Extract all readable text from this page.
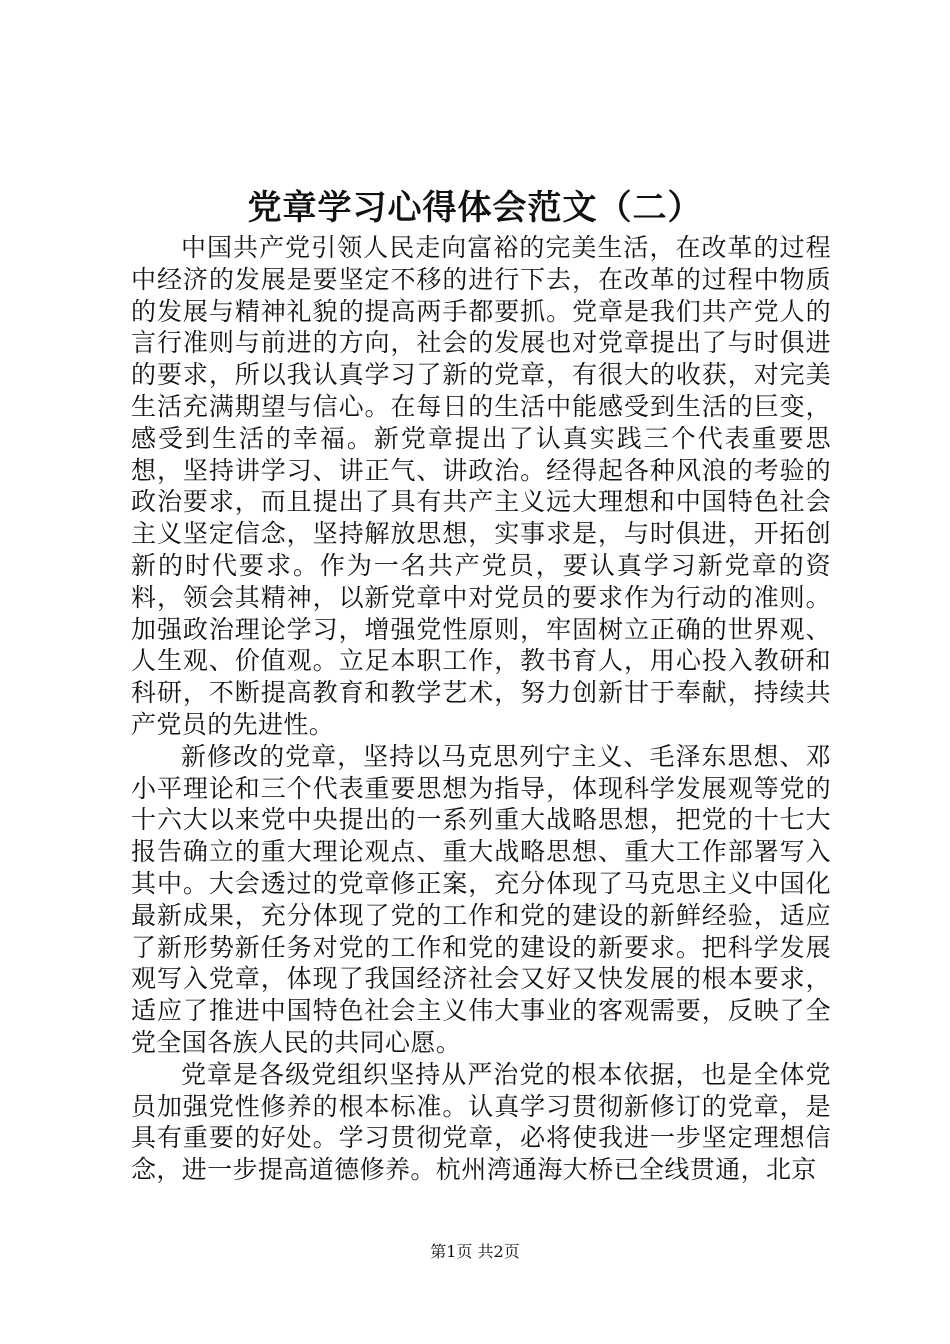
党章学习心得体会范文（二）

中国共产党引领人民走向富裕的完美生活，在改革的过程中经济的发展是要坚定不移的进行下去，在改革的过程中物质的发展与精神礼貌的提高两手都要抓。党章是我们共产党人的言行准则与前进的方向，社会的发展也对党章提出了与时俱进的要求，所以我认真学习了新的党章，有很大的收获，对完美生活充满期望与信心。在每日的生活中能感受到生活的巨变，感受到生活的幸福。新党章提出了认真实践三个代表重要思想，坚持讲学习、讲正气、讲政治。经得起各种风浪的考验的政治要求，而且提出了具有共产主义远大理想和中国特色社会主义坚定信念，坚持解放思想，实事求是，与时俱进，开拓创新的时代要求。作为一名共产党员，要认真学习新党章的资料，领会其精神，以新党章中对党员的要求作为行动的准则。加强政治理论学习，增强党性原则，牢固树立正确的世界观、人生观、价值观。立足本职工作，教书育人，用心投入教研和科研，不断提高教育和教学艺术，努力创新甘于奉献，持续共产党员的先进性。

新修改的党章，坚持以马克思列宁主义、毛泽东思想、邓小平理论和三个代表重要思想为指导，体现科学发展观等党的十六大以来党中央提出的一系列重大战略思想，把党的十七大报告确立的重大理论观点、重大战略思想、重大工作部署写入其中。大会透过的党章修正案，充分体现了马克思主义中国化最新成果，充分体现了党的工作和党的建设的新鲜经验，适应了新形势新任务对党的工作和党的建设的新要求。把科学发展观写入党章，体现了我国经济社会又好又快发展的根本要求，适应了推进中国特色社会主义伟大事业的客观需要，反映了全党全国各族人民的共同心愿。

党章是各级党组织坚持从严治党的根本依据，也是全体党员加强党性修养的根本标准。认真学习贯彻新修订的党章，是具有重要的好处。学习贯彻党章，必将使我进一步坚定理想信念，进一步提高道德修养。杭州湾通海大桥已全线贯通，北京

第1页 共2页
